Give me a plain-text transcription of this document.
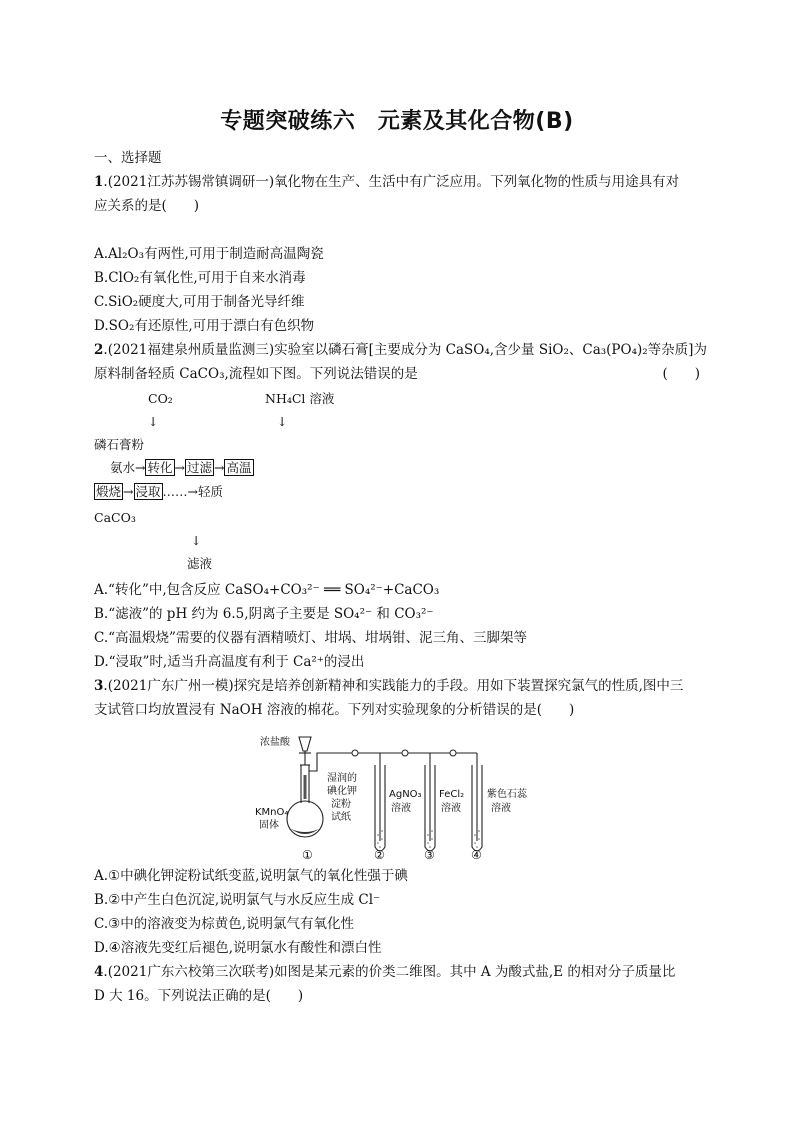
专题突破练六　元素及其化合物(B)
一、选择题
1.(2021江苏苏锡常镇调研一)氧化物在生产、生活中有广泛应用。下列氧化物的性质与用途具有对
应关系的是(　　)
A.Al₂O₃有两性,可用于制造耐高温陶瓷
B.ClO₂有氧化性,可用于自来水消毒
C.SiO₂硬度大,可用于制备光导纤维
D.SO₂有还原性,可用于漂白有色织物
2.(2021福建泉州质量监测三)实验室以磷石膏[主要成分为 CaSO₄,含少量 SiO₂、Ca₃(PO₄)₂等杂质]为
原料制备轻质 CaCO₃,流程如下图。下列说法错误的是	(　　)
CO₂	NH₄Cl 溶液
↓	↓
磷石膏粉
氨水→ 转化 → 过滤 → 高温
煅烧 → 浸取 ……→轻质
CaCO₃
↓
滤液
A.“转化”中,包含反应 CaSO₄+CO₃²⁻ ══ SO₄²⁻+CaCO₃
B.“滤液”的 pH 约为 6.5,阴离子主要是 SO₄²⁻ 和 CO₃²⁻
C.“高温煅烧”需要的仪器有酒精喷灯、坩埚、坩埚钳、泥三角、三脚架等
D.“浸取”时,适当升高温度有利于 Ca²⁺的浸出
3.(2021广东广州一模)探究是培养创新精神和实践能力的手段。用如下装置探究氯气的性质,图中三
支试管口均放置浸有 NaOH 溶液的棉花。下列对实验现象的分析错误的是(　　)
浓盐酸
湿润的
碘化钾
淀粉
试纸
KMnO₄
固体
AgNO₃
溶液
FeCl₂
溶液
紫色石蕊
溶液
①	②	③	④
A.①中碘化钾淀粉试纸变蓝,说明氯气的氧化性强于碘
B.②中产生白色沉淀,说明氯气与水反应生成 Cl⁻
C.③中的溶液变为棕黄色,说明氯气有氧化性
D.④溶液先变红后褪色,说明氯水有酸性和漂白性
4.(2021广东六校第三次联考)如图是某元素的价类二维图。其中 A 为酸式盐,E 的相对分子质量比
D 大 16。下列说法正确的是(　　)
